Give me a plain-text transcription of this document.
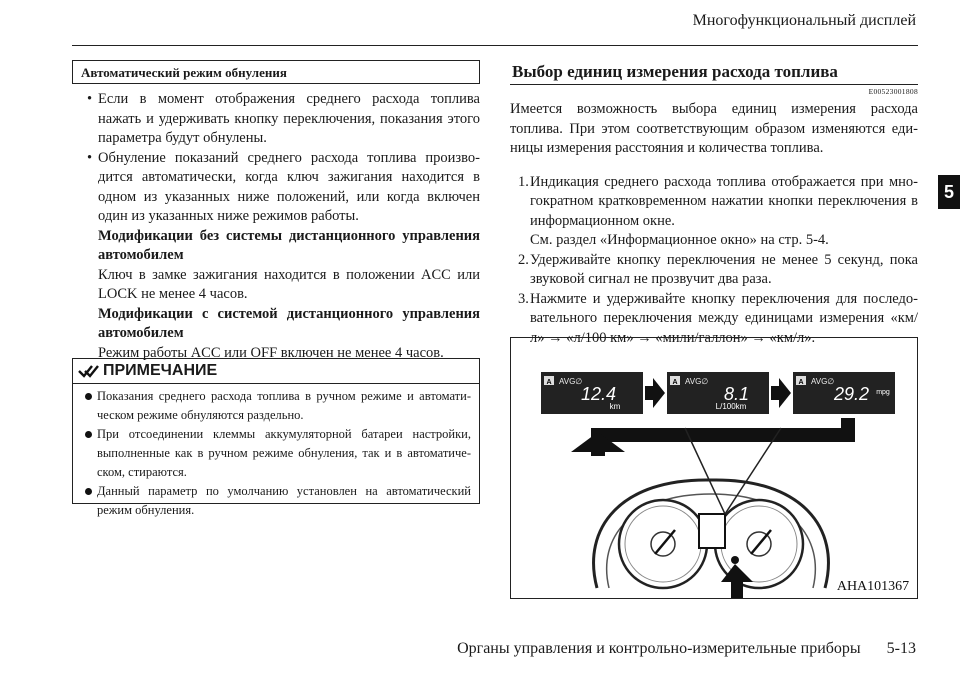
Многофункциональный дисплей
5
Автоматический режим обнуления
• Если в момент отображения среднего расхода топлива нажать и удерживать кнопку переключения, показания этого параметра будут обнулены.
• Обнуление показаний среднего расхода топлива произво-дится автоматически, когда ключ зажигания находится в одном из указанных ниже положений, или когда включен один из указанных ниже режимов работы.
Модификации без системы дистанционного управления автомобилем
Ключ в замке зажигания находится в положении ACC или LOCK не менее 4 часов.
Модификации с системой дистанционного управления автомобилем
Режим работы ACC или OFF включен не менее 4 часов.
ПРИМЕЧАНИЕ
Показания среднего расхода топлива в ручном режиме и автомати-ческом режиме обнуляются раздельно.
При отсоединении клеммы аккумуляторной батареи настройки, выполненные как в ручном режиме обнуления, так и в автоматиче-ском, стираются.
Данный параметр по умолчанию установлен на автоматический режим обнуления.
Выбор единиц измерения расхода топлива
E00523001808
Имеется возможность выбора единиц измерения расхода топлива. При этом соответствующим образом изменяются еди-ницы измерения расстояния и количества топлива.
1. Индикация среднего расхода топлива отображается при мно-гократном кратковременном нажатии кнопки переключения в информационном окне.
См. раздел «Информационное окно» на стр. 5-4.
2. Удерживайте кнопку переключения не менее 5 секунд, пока звуковой сигнал не прозвучит два раза.
3. Нажмите и удерживайте кнопку переключения для последо-вательного переключения между единицами измерения «км/л» → «л/100 км» → «мили/галлон» → «км/л».
A AVG∅
12.4
km
A AVG∅
8.1
L/100km
A AVG∅
29.2 mpg
AHA101367
Органы управления и контрольно-измерительные приборы 5-13
